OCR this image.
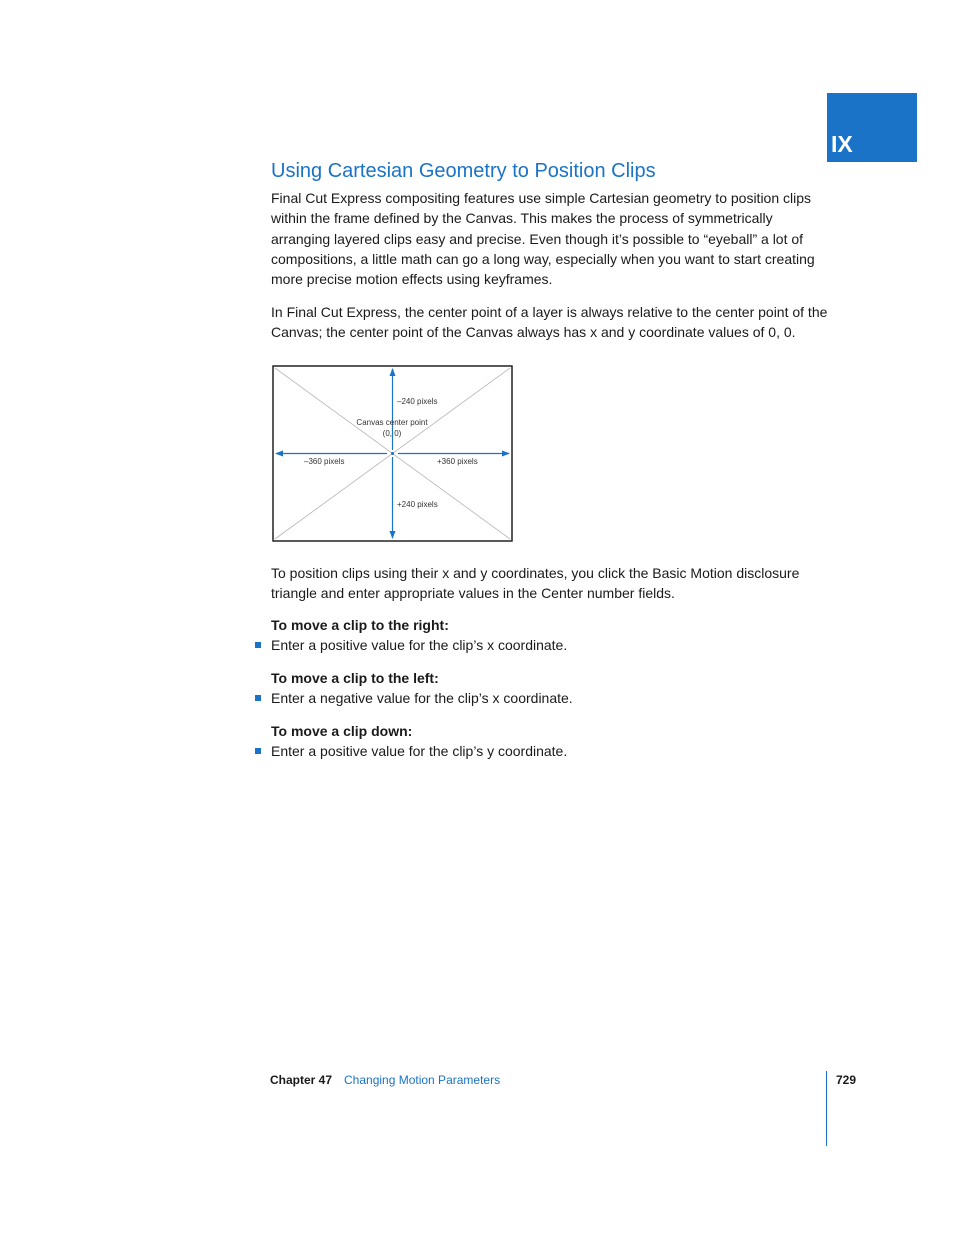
IX
Using Cartesian Geometry to Position Clips

Final Cut Express compositing features use simple Cartesian geometry to position clips within the frame defined by the Canvas. This makes the process of symmetrically arranging layered clips easy and precise. Even though it’s possible to “eyeball” a lot of compositions, a little math can go a long way, especially when you want to start creating more precise motion effects using keyframes.

In Final Cut Express, the center point of a layer is always relative to the center point of the Canvas; the center point of the Canvas always has x and y coordinate values of 0, 0.

–240 pixels
Canvas center point
(0, 0)
–360 pixels	+360 pixels
+240 pixels

To position clips using their x and y coordinates, you click the Basic Motion disclosure triangle and enter appropriate values in the Center number fields.

To move a clip to the right:

Enter a positive value for the clip’s x coordinate.

To move a clip to the left:

Enter a negative value for the clip’s x coordinate.

To move a clip down:

Enter a positive value for the clip’s y coordinate.

Chapter 47 Changing Motion Parameters	729
